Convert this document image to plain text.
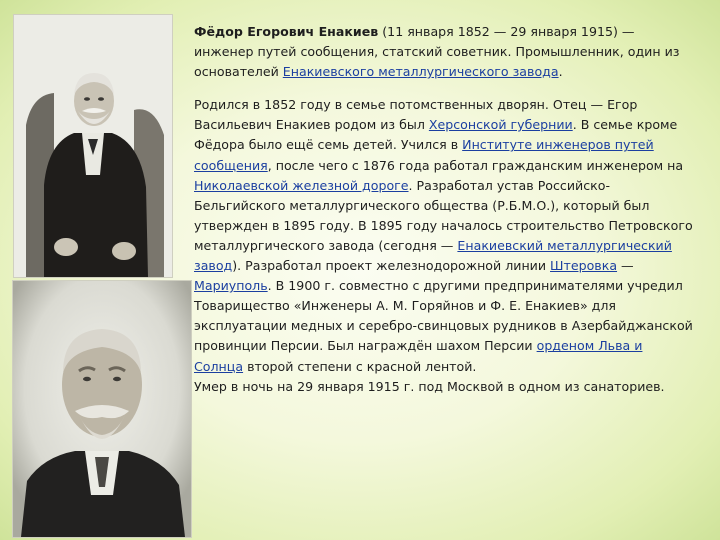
Фёдор Егорович Енакиев (11 января 1852 — 29 января 1915) — инженер путей сообщения, статский советник. Промышленник, один из основателей Енакиевского металлургического завода.

Родился в 1852 году в семье потомственных дворян. Отец — Егор Васильевич Енакиев родом из был Херсонской губернии. В семье кроме Фёдора было ещё семь детей. Учился в Институте инженеров путей сообщения, после чего с 1876 года работал гражданским инженером на Николаевской железной дороге. Разработал устав Российско-Бельгийского металлургического общества (Р.Б.М.О.), который был утвержден в 1895 году. В 1895 году началось строительство Петровского металлургического завода (сегодня — Енакиевский металлургический завод). Разработал проект железнодорожной линии Штеровка — Мариуполь. В 1900 г. совместно с другими предпринимателями учредил Товарищество «Инженеры А. М. Горяйнов и Ф. Е. Енакиев» для эксплуатации медных и серебро-свинцовых рудников в Азербайджанской провинции Персии. Был награждён шахом Персии орденом Льва и Солнца второй степени с красной лентой.
Умер в ночь на 29 января 1915 г. под Москвой в одном из санаториев.
